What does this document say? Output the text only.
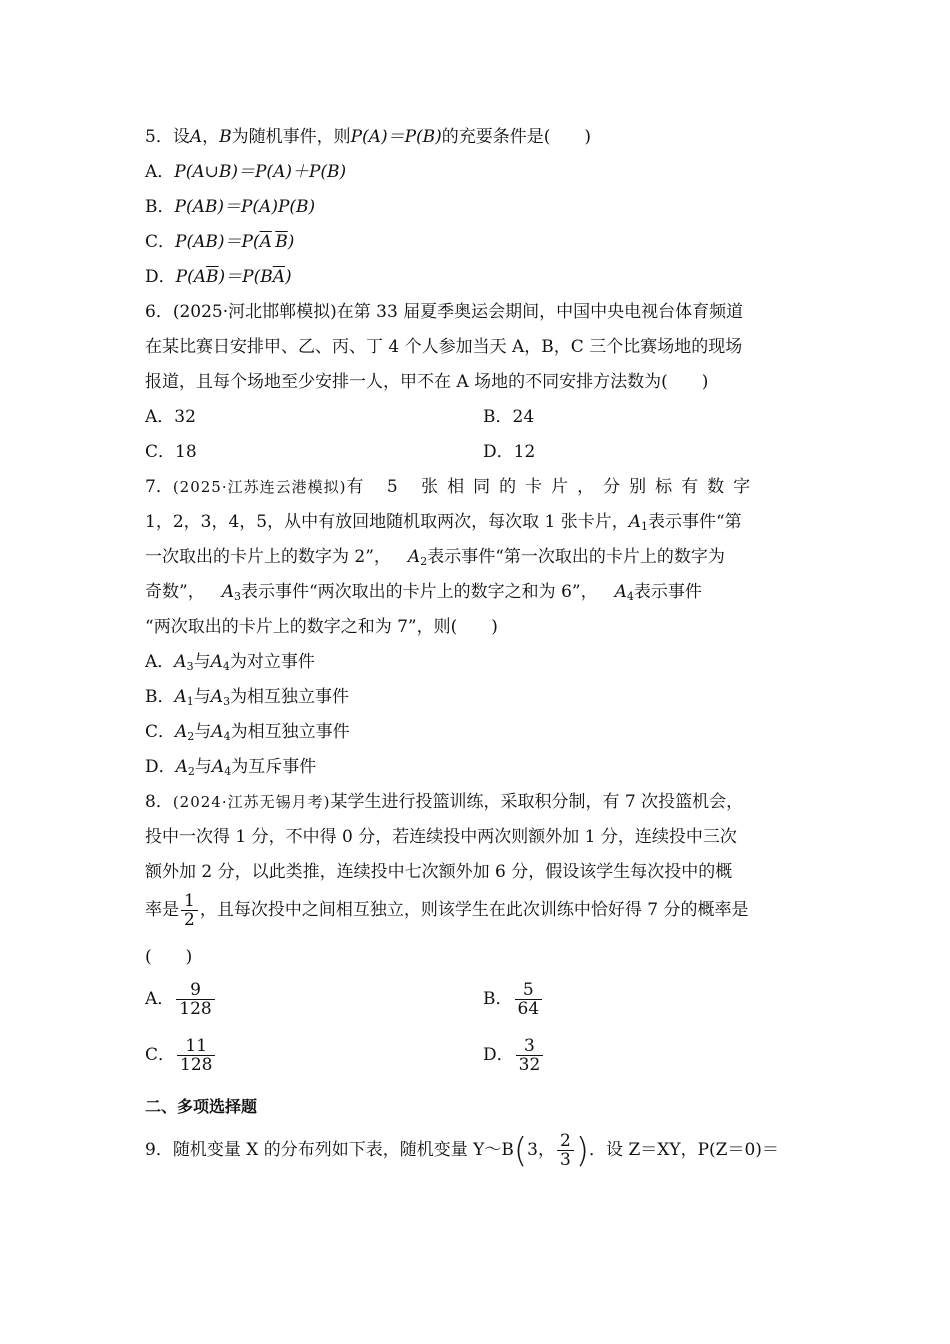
5．设A，B为随机事件，则P(A)＝P(B)的充要条件是(　　)
A．P(A∪B)＝P(A)＋P(B)
B．P(AB)＝P(A)P(B)
C．$P(AB)=P(\overline{A}$  $\overline{B}$)
D．$P(A\overline{B})=P(B\overline{A})$
6．(2025·河北邯郸模拟)在第 33 届夏季奥运会期间，中国中央电视台体育频道
在某比赛日安排甲、乙、丙、丁 4 个人参加当天 A，B，C 三个比赛场地的现场
报道，且每个场地至少安排一人，甲不在 A 场地的不同安排方法数为(　　)
A．32	B．24
C．18	D．12
7．(2025·江苏连云港模拟)有 5 张相同的卡片，分别标有数字
1，2，3，4，5，从中有放回地随机取两次，每次取 1 张卡片，$A_1$表示事件“第
一次取出的卡片上的数字为 2”，  $A_2$表示事件“第一次取出的卡片上的数字为
奇数”，  $A_3$表示事件“两次取出的卡片上的数字之和为 6”，  $A_4$表示事件
“两次取出的卡片上的数字之和为 7”，则(　　)
A．$A_3$与$A_4$为对立事件
B．$A_1$与$A_3$为相互独立事件
C．$A_2$与$A_4$为相互独立事件
D．$A_2$与$A_4$为互斥事件
8．(2024·江苏无锡月考)某学生进行投篮训练，采取积分制，有 7 次投篮机会，
投中一次得 1 分，不中得 0 分，若连续投中两次则额外加 1 分，连续投中三次
额外加 2 分，以此类推，连续投中七次额外加 6 分，假设该学生每次投中的概
率是 $\frac{1}{2}$ ，且每次投中之间相互独立，则该学生在此次训练中恰好得 7 分的概率是
(　　)
A． $\frac{9}{128}$	B． $\frac{5}{64}$
C． $\frac{11}{128}$	D． $\frac{3}{32}$
二、多项选择题
9．随机变量 X 的分布列如下表，随机变量 Y～B(3， $\frac{2}{3}$ )．设 Z＝XY，P(Z＝0)＝
